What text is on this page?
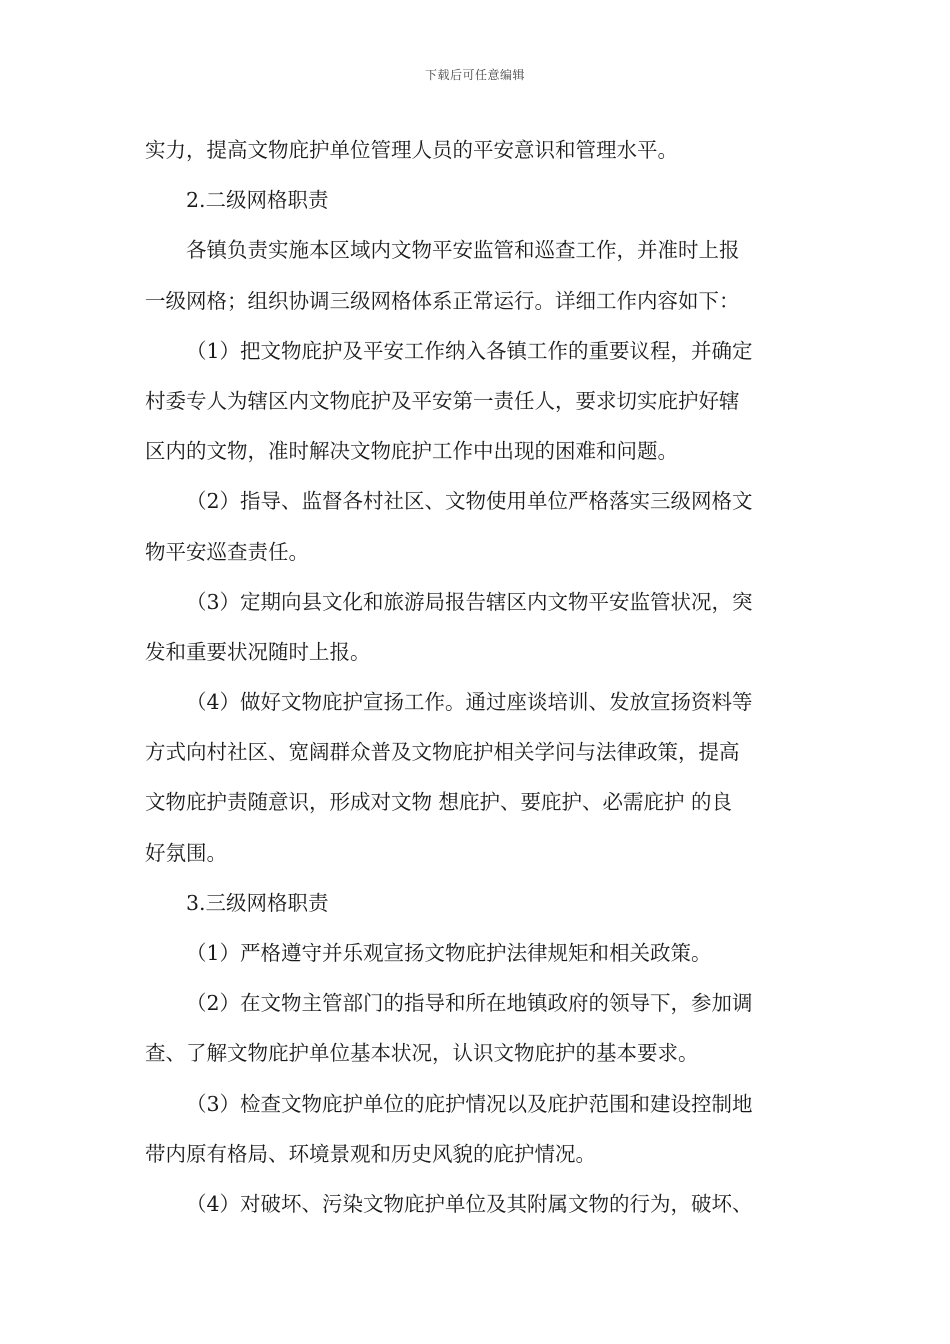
下载后可任意编辑
实力，提高文物庇护单位管理人员的平安意识和管理水平。
2.二级网格职责
各镇负责实施本区域内文物平安监管和巡查工作，并准时上报
一级网格；组织协调三级网格体系正常运行。详细工作内容如下：
（1）把文物庇护及平安工作纳入各镇工作的重要议程，并确定
村委专人为辖区内文物庇护及平安第一责任人，要求切实庇护好辖
区内的文物，准时解决文物庇护工作中出现的困难和问题。
（2）指导、监督各村社区、文物使用单位严格落实三级网格文
物平安巡查责任。
（3）定期向县文化和旅游局报告辖区内文物平安监管状况，突
发和重要状况随时上报。
（4）做好文物庇护宣扬工作。通过座谈培训、发放宣扬资料等
方式向村社区、宽阔群众普及文物庇护相关学问与法律政策，提高
文物庇护责随意识，形成对文物 想庇护、要庇护、必需庇护 的良
好氛围。
3.三级网格职责
（1）严格遵守并乐观宣扬文物庇护法律规矩和相关政策。
（2）在文物主管部门的指导和所在地镇政府的领导下，参加调
查、了解文物庇护单位基本状况，认识文物庇护的基本要求。
（3）检查文物庇护单位的庇护情况以及庇护范围和建设控制地
带内原有格局、环境景观和历史风貌的庇护情况。
（4）对破坏、污染文物庇护单位及其附属文物的行为，破坏、
